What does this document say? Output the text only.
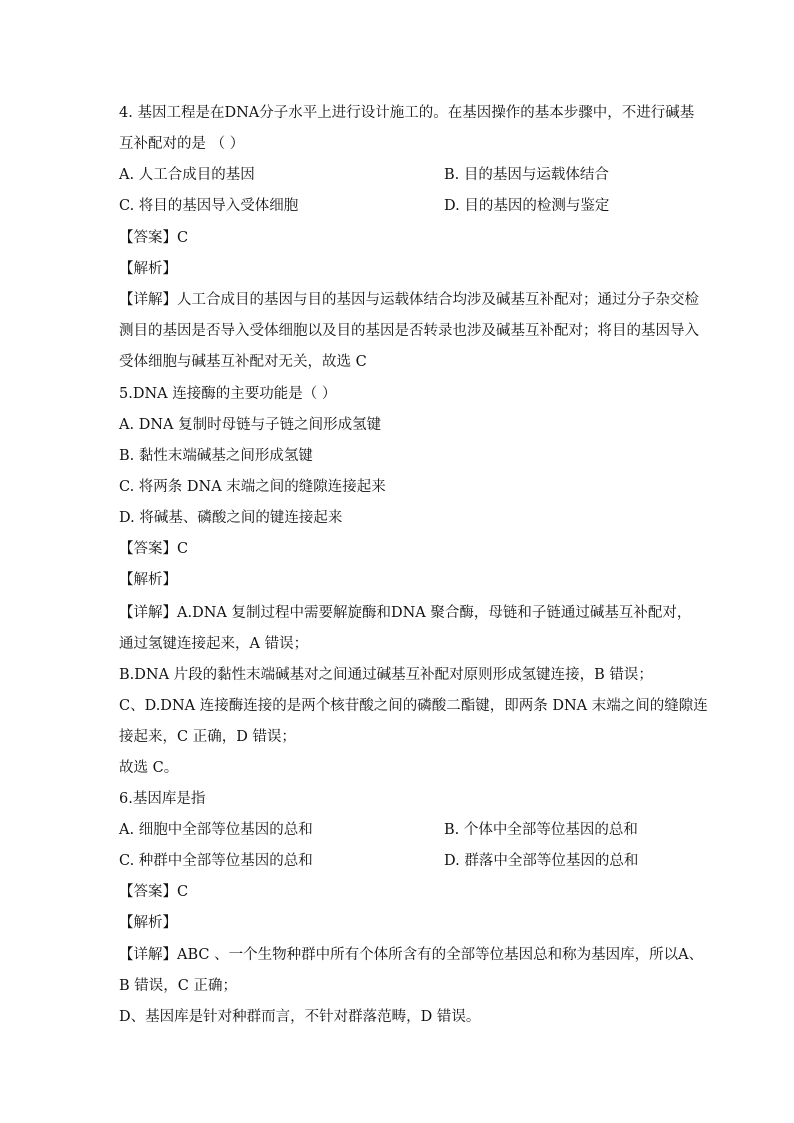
4. 基因工程是在DNA分子水平上进行设计施工的。在基因操作的基本步骤中，不进行碱基
互补配对的是 （ ）
A. 人工合成目的基因	B. 目的基因与运载体结合
C. 将目的基因导入受体细胞	D. 目的基因的检测与鉴定
【答案】C
【解析】
【详解】人工合成目的基因与目的基因与运载体结合均涉及碱基互补配对；通过分子杂交检
测目的基因是否导入受体细胞以及目的基因是否转录也涉及碱基互补配对；将目的基因导入
受体细胞与碱基互补配对无关，故选 C
5.DNA 连接酶的主要功能是（ ）
A. DNA 复制时母链与子链之间形成氢键
B. 黏性末端碱基之间形成氢键
C. 将两条 DNA 末端之间的缝隙连接起来
D. 将碱基、磷酸之间的键连接起来
【答案】C
【解析】
【详解】A.DNA 复制过程中需要解旋酶和DNA 聚合酶，母链和子链通过碱基互补配对，
通过氢键连接起来，A 错误；
B.DNA 片段的黏性末端碱基对之间通过碱基互补配对原则形成氢键连接，B 错误；
C、D.DNA 连接酶连接的是两个核苷酸之间的磷酸二酯键，即两条 DNA 末端之间的缝隙连
接起来，C 正确，D 错误；
故选 C。
6.基因库是指
A. 细胞中全部等位基因的总和	B. 个体中全部等位基因的总和
C. 种群中全部等位基因的总和	D. 群落中全部等位基因的总和
【答案】C
【解析】
【详解】ABC 、一个生物种群中所有个体所含有的全部等位基因总和称为基因库，所以A、
B 错误，C 正确；
D、基因库是针对种群而言，不针对群落范畴，D 错误。
